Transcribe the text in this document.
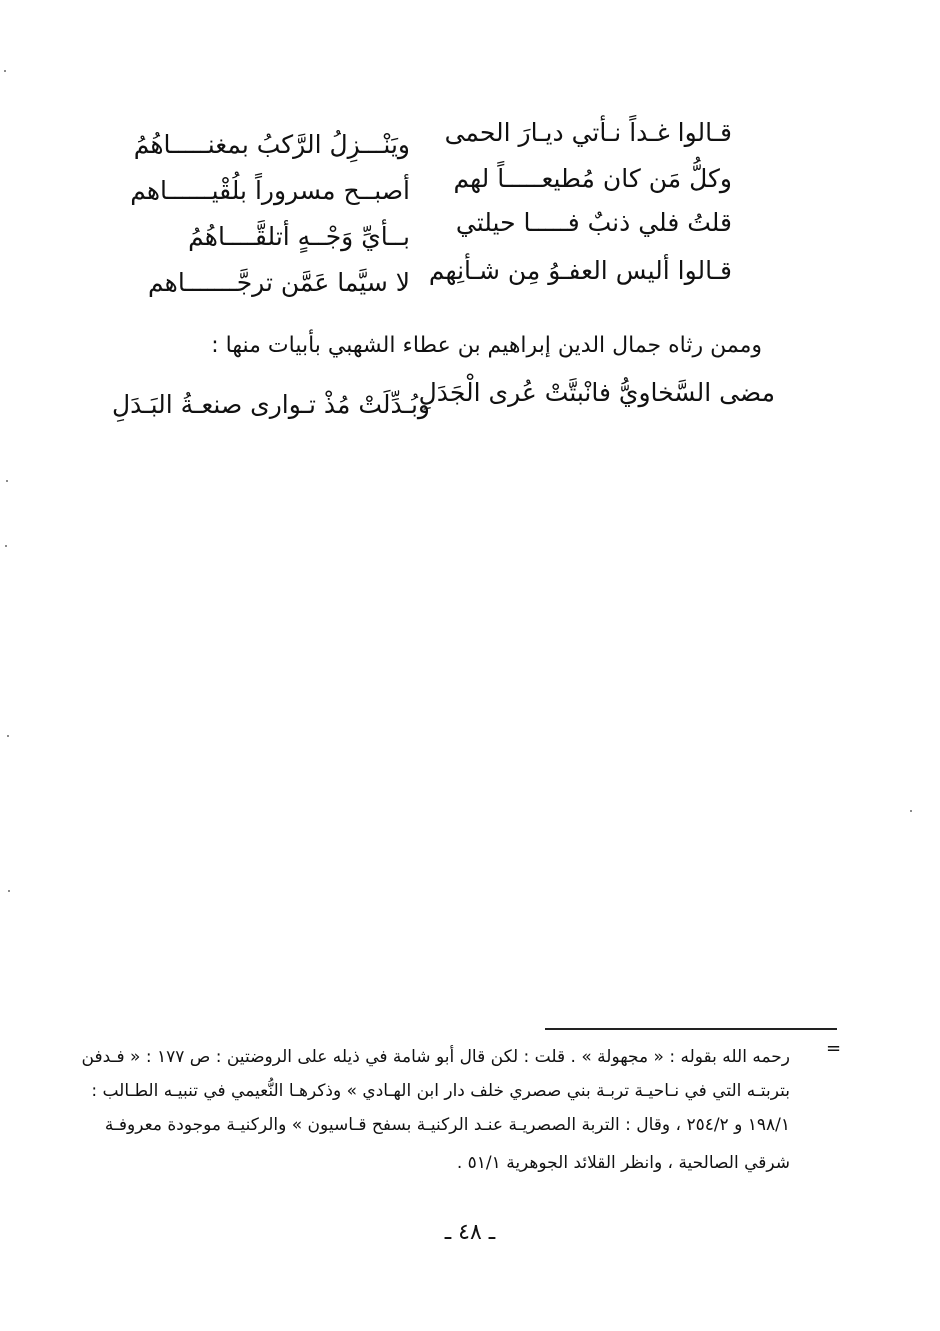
قـالوا غـداً نـأتي ديـارَ الحمى
ويَنْـــزِلُ الرَّكبُ بمغنـــــاهُمُ
وكلُّ مَن كان مُطيعـــــاً لهم
أصبــح مسروراً بلُقْيــــــاهم
قلتُ فلي ذنبٌ فـــــا حيلتي
بــأيِّ وَجْــهٍ أتلقَّــــاهُمُ
قـالوا أليس العفـوُ مِن شـأنِهم
لا سيَّما عَمَّن ترجَّـــــــاهم
وممن رثاه جمال الدين إبراهيم بن عطاء الشهبي بأبيات منها :
مضى السَّخاويُّ فانْبتَّتْ عُرى الْجَدَلِ
وبُـدِّلَتْ مُذْ تـوارى صنعـةُ البَـدَلِ
=
رحمه الله بقوله : « مجهولة » . قلت : لكن قال أبو شامة في ذيله على الروضتين : ص ١٧٧ : « فـدفن
بتربتـه التي في نـاحيـة تربـة بني صصري خلف دار ابن الهـادي » وذكرهـا النُّعيمي في تنبيـه الطـالب :
١٩٨/١ و ٢٥٤/٢ ، وقال : التربة الصصريـة عنـد الركنيـة بسفح قـاسيون » والركنيـة موجودة معروفـة
شرقي الصالحية ، وانظر القلائد الجوهرية ٥١/١ .
ـ ٤٨ ـ
